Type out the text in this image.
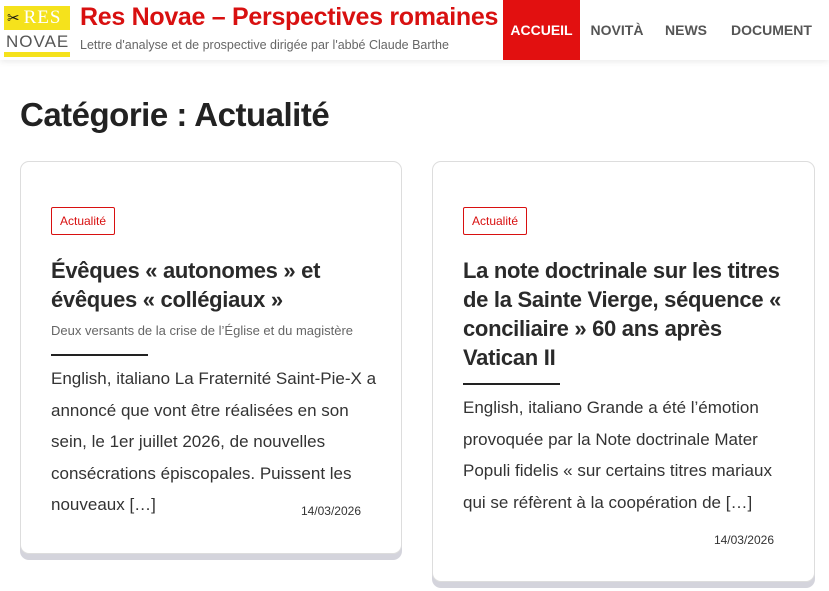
✂ RES
NOVAE
Res Novae – Perspectives romaines
Lettre d'analyse et de prospective dirigée par l'abbé Claude Barthe
ACCUEIL	NOVITÀ	NEWS	DOCUMENT
Catégorie : Actualité
Actualité
Évêques « autonomes » et évêques « collégiaux »
Deux versants de la crise de l’Église et du magistère

English, italiano La Fraternité Saint-Pie-X a annoncé que vont être réalisées en son sein, le 1er juillet 2026, de nouvelles consécrations épiscopales. Puissent les nouveaux […]	14/03/2026
Actualité
La note doctrinale sur les titres de la Sainte Vierge, séquence « conciliaire » 60 ans après Vatican II

English, italiano Grande a été l’émotion provoquée par la Note doctrinale Mater Populi fidelis « sur certains titres mariaux qui se réfèrent à la coopération de […]

14/03/2026
